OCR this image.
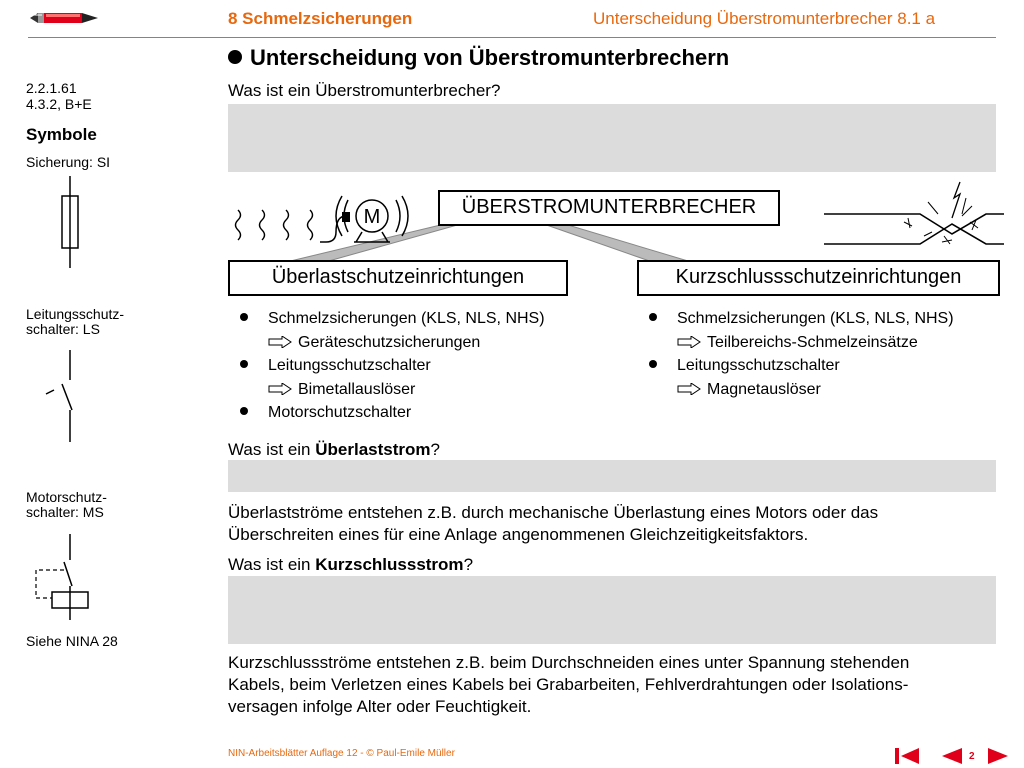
8 Schmelzsicherungen	Unterscheidung Überstromunterbrecher 8.1 a
2.2.1.61
4.3.2, B+E
Symbole
Sicherung: SI
Leitungsschutz-
schalter: LS
Motorschutz-
schalter: MS
Siehe NINA 28
Unterscheidung von Überstromunterbrechern
Was ist ein Überstromunterbrecher?
M	ÜBERSTROMUNTERBRECHER
Überlastschutzeinrichtungen	Kurzschlussschutzeinrichtungen
Schmelzsicherungen (KLS, NLS, NHS)
Geräteschutzsicherungen
Leitungsschutzschalter
Bimetallauslöser
Motorschutzschalter
Schmelzsicherungen (KLS, NLS, NHS)
Teilbereichs-Schmelzeinsätze
Leitungsschutzschalter
Magnetauslöser
Was ist ein Überlaststrom?
Überlastströme entstehen z.B. durch mechanische Überlastung eines Motors oder das
Überschreiten eines für eine Anlage angenommenen Gleichzeitigkeitsfaktors.
Was ist ein Kurzschlussstrom?
Kurzschlussströme entstehen z.B. beim Durchschneiden eines unter Spannung stehenden
Kabels, beim Verletzen eines Kabels bei Grabarbeiten, Fehlverdrahtungen oder Isolations-
versagen infolge Alter oder Feuchtigkeit.
NIN-Arbeitsblätter Auflage 12 - © Paul-Emile Müller	2
